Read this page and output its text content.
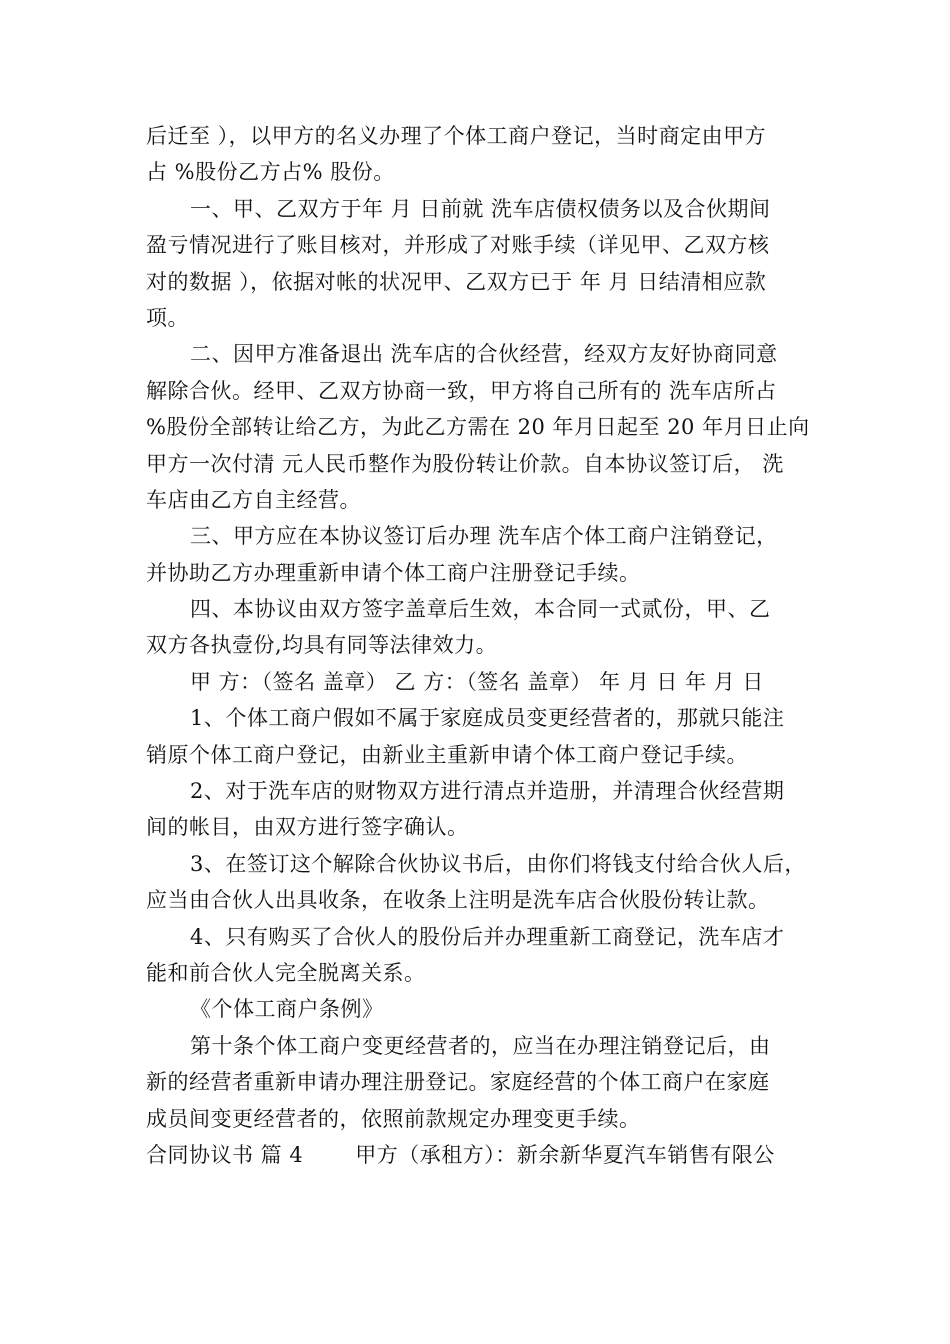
后迁至 ），以甲方的名义办理了个体工商户登记，当时商定由甲方
占 %股份乙方占% 股份。
一、甲、乙双方于年 月 日前就 洗车店债权债务以及合伙期间
盈亏情况进行了账目核对，并形成了对账手续（详见甲、乙双方核
对的数据 ），依据对帐的状况甲、乙双方已于 年 月 日结清相应款
项。
二、因甲方准备退出 洗车店的合伙经营，经双方友好协商同意
解除合伙。经甲、乙双方协商一致，甲方将自己所有的 洗车店所占
%股份全部转让给乙方，为此乙方需在 20 年月日起至 20 年月日止向
甲方一次付清 元人民币整作为股份转让价款。自本协议签订后， 洗
车店由乙方自主经营。
三、甲方应在本协议签订后办理 洗车店个体工商户注销登记，
并协助乙方办理重新申请个体工商户注册登记手续。
四、本协议由双方签字盖章后生效，本合同一式贰份，甲、乙
双方各执壹份,均具有同等法律效力。
甲 方：（签名 盖章） 乙 方：（签名 盖章） 年 月 日 年 月 日
1、个体工商户假如不属于家庭成员变更经营者的，那就只能注
销原个体工商户登记，由新业主重新申请个体工商户登记手续。
2、对于洗车店的财物双方进行清点并造册，并清理合伙经营期
间的帐目，由双方进行签字确认。
3、在签订这个解除合伙协议书后，由你们将钱支付给合伙人后，
应当由合伙人出具收条，在收条上注明是洗车店合伙股份转让款。
4、只有购买了合伙人的股份后并办理重新工商登记，洗车店才
能和前合伙人完全脱离关系。
《个体工商户条例》
第十条个体工商户变更经营者的，应当在办理注销登记后，由
新的经营者重新申请办理注册登记。家庭经营的个体工商户在家庭
成员间变更经营者的，依照前款规定办理变更手续。
合同协议书 篇 4 甲方（承租方）：新余新华夏汽车销售有限公
